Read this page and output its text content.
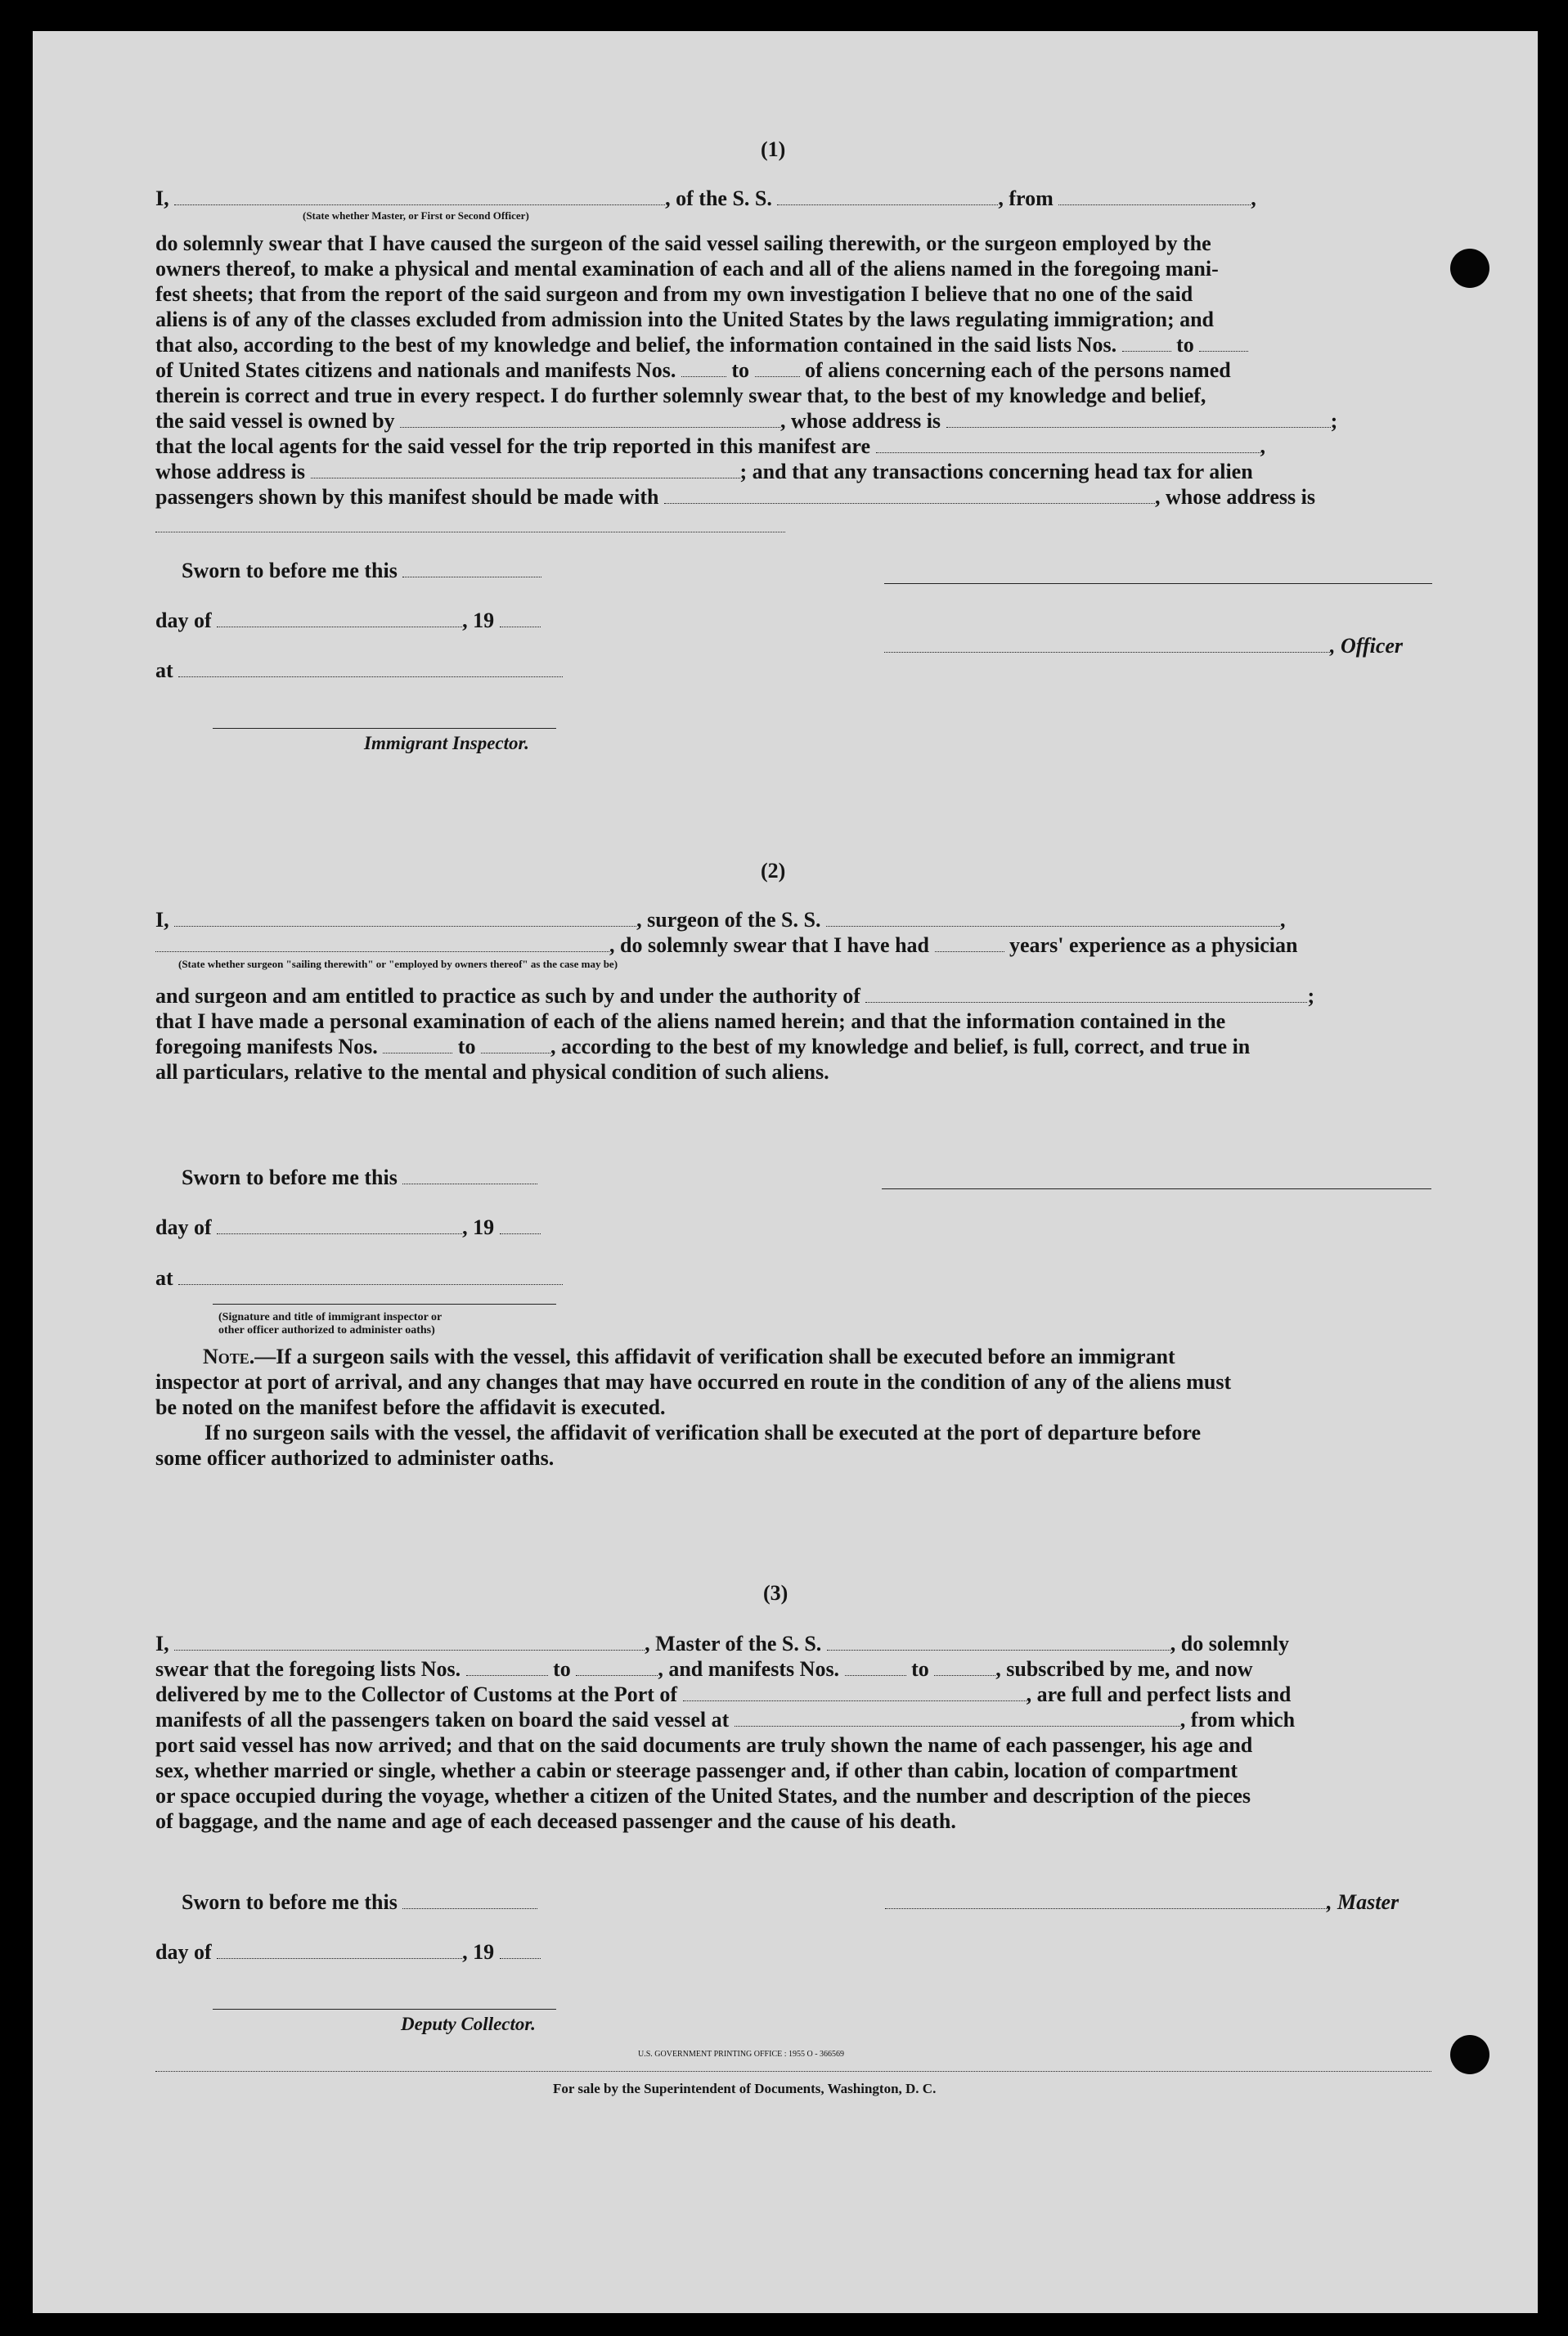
(1)
I,	, of the S. S.	, from	,
(State whether Master, or First or Second Officer)
do solemnly swear that I have caused the surgeon of the said vessel sailing therewith, or the surgeon employed by the
owners thereof, to make a physical and mental examination of each and all of the aliens named in the foregoing mani-
fest sheets; that from the report of the said surgeon and from my own investigation I believe that no one of the said
aliens is of any of the classes excluded from admission into the United States by the laws regulating immigration; and
that also, according to the best of my knowledge and belief, the information contained in the said lists Nos.	to
of United States citizens and nationals and manifests Nos.	to	of aliens concerning each of the persons named
therein is correct and true in every respect. I do further solemnly swear that, to the best of my knowledge and belief,
the said vessel is owned by	, whose address is	;
that the local agents for the said vessel for the trip reported in this manifest are	,
whose address is	; and that any transactions concerning head tax for alien
passengers shown by this manifest should be made with	, whose address is
Sworn to before me this
day of	, 19
, Officer
at
Immigrant Inspector.
(2)
I,	, surgeon of the S. S.	,
, do solemnly swear that I have had	years' experience as a physician
(State whether surgeon "sailing therewith" or "employed by owners thereof" as the case may be)
and surgeon and am entitled to practice as such by and under the authority of	;
that I have made a personal examination of each of the aliens named herein; and that the information contained in the
foregoing manifests Nos.	to	, according to the best of my knowledge and belief, is full, correct, and true in
all particulars, relative to the mental and physical condition of such aliens.
Sworn to before me this
day of	, 19
at
(Signature and title of immigrant inspector or
other officer authorized to administer oaths)
Note.—If a surgeon sails with the vessel, this affidavit of verification shall be executed before an immigrant
inspector at port of arrival, and any changes that may have occurred en route in the condition of any of the aliens must
be noted on the manifest before the affidavit is executed.
If no surgeon sails with the vessel, the affidavit of verification shall be executed at the port of departure before
some officer authorized to administer oaths.
(3)
I,	, Master of the S. S.	, do solemnly
swear that the foregoing lists Nos.	to	, and manifests Nos.	to	, subscribed by me, and now
delivered by me to the Collector of Customs at the Port of	, are full and perfect lists and
manifests of all the passengers taken on board the said vessel at	, from which
port said vessel has now arrived; and that on the said documents are truly shown the name of each passenger, his age and
sex, whether married or single, whether a cabin or steerage passenger and, if other than cabin, location of compartment
or space occupied during the voyage, whether a citizen of the United States, and the number and description of the pieces
of baggage, and the name and age of each deceased passenger and the cause of his death.
Sworn to before me this	, Master
day of	, 19
Deputy Collector.
U.S. GOVERNMENT PRINTING OFFICE : 1955 O - 366569
For sale by the Superintendent of Documents, Washington, D. C.
